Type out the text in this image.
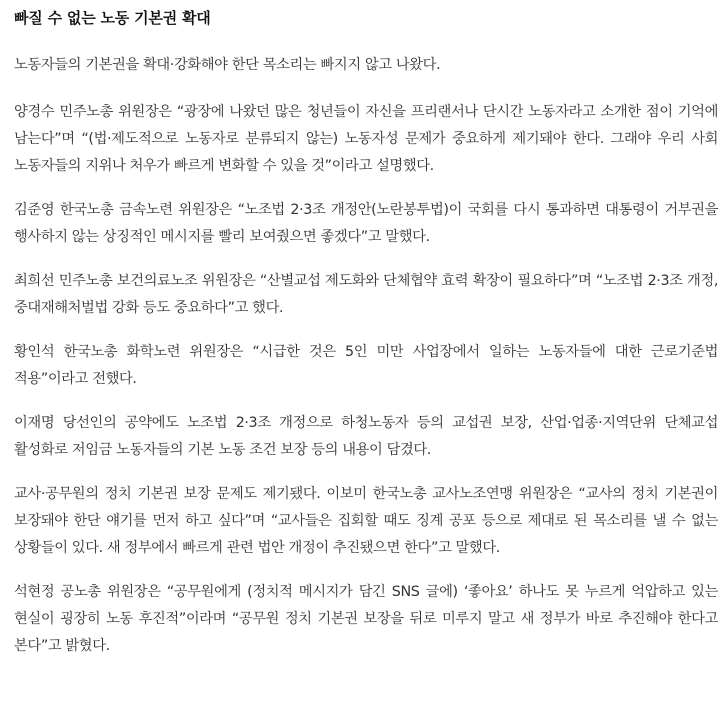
빠질 수 없는 노동 기본권 확대

노동자들의 기본권을 확대·강화해야 한단 목소리는 빠지지 않고 나왔다.

양경수 민주노총 위원장은 “광장에 나왔던 많은 청년들이 자신을 프리랜서나 단시간 노동자라고 소개한 점이 기억에 남는다”며 “(법·제도적으로 노동자로 분류되지 않는) 노동자성 문제가 중요하게 제기돼야 한다. 그래야 우리 사회 노동자들의 지위나 처우가 빠르게 변화할 수 있을 것”이라고 설명했다.

김준영 한국노총 금속노련 위원장은 “노조법 2·3조 개정안(노란봉투법)이 국회를 다시 통과하면 대통령이 거부권을 행사하지 않는 상징적인 메시지를 빨리 보여줬으면 좋겠다”고 말했다.

최희선 민주노총 보건의료노조 위원장은 “산별교섭 제도화와 단체협약 효력 확장이 필요하다”며 “노조법 2·3조 개정, 중대재해처벌법 강화 등도 중요하다”고 했다.

황인석 한국노총 화학노련 위원장은 “시급한 것은 5인 미만 사업장에서 일하는 노동자들에 대한 근로기준법 적용”이라고 전했다.

이재명 당선인의 공약에도 노조법 2·3조 개정으로 하청노동자 등의 교섭권 보장, 산업·업종·지역단위 단체교섭 활성화로 저임금 노동자들의 기본 노동 조건 보장 등의 내용이 담겼다.

교사·공무원의 정치 기본권 보장 문제도 제기됐다. 이보미 한국노총 교사노조연맹 위원장은 “교사의 정치 기본권이 보장돼야 한단 얘기를 먼저 하고 싶다”며 “교사들은 집회할 때도 징계 공포 등으로 제대로 된 목소리를 낼 수 없는 상황들이 있다. 새 정부에서 빠르게 관련 법안 개정이 추진됐으면 한다”고 말했다.

석현정 공노총 위원장은 “공무원에게 (정치적 메시지가 담긴 SNS 글에) ‘좋아요’ 하나도 못 누르게 억압하고 있는 현실이 굉장히 노동 후진적”이라며 “공무원 정치 기본권 보장을 뒤로 미루지 말고 새 정부가 바로 추진해야 한다고 본다”고 밝혔다.
